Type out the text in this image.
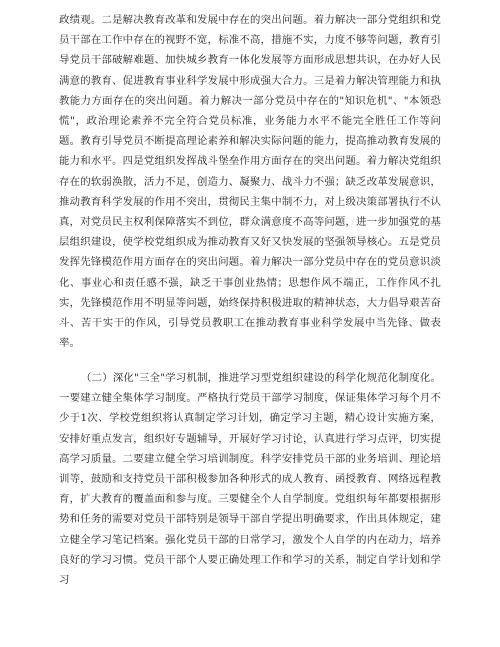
政绩观。二是解决教育改革和发展中存在的突出问题。着力解决一部分党组织和党员干部在工作中存在的视野不宽，标准不高，措施不实，力度不够等问题，教育引导党员干部破解难题、加快城乡教育一体化发展等方面形成思想共识，在办好人民满意的教育、促进教育事业科学发展中形成强大合力。三是着力解决管理能力和执教能力方面存在的突出问题。着力解决一部分党员中存在的"知识危机"、"本领恐慌"，政治理论素养不完全符合党员标准，业务能力水平不能完全胜任工作等问题。教育引导党员不断提高理论素养和解决实际问题的能力，提高推动教育发展的能力和水平。四是党组织发挥战斗堡垒作用方面存在的突出问题。着力解决党组织存在的软弱涣散，活力不足，创造力、凝聚力、战斗力不强；缺乏改革发展意识，推动教育科学发展的作用不突出，贯彻民主集中制不力，对上级决策部署执行不认真，对党员民主权利保障落实不到位，群众满意度不高等问题，进一步加强党的基层组织建设，使学校党组织成为推动教育又好又快发展的坚强领导核心。五是党员发挥先锋模范作用方面存在的突出问题。着力解决一部分党员中存在的党员意识淡化、事业心和责任感不强，缺乏干事创业热情；思想作风不端正，工作作风不扎实，先锋模范作用不明显等问题，始终保持积极进取的精神状态，大力倡导艰苦奋斗、苦干实干的作风，引导党员教职工在推动教育事业科学发展中当先锋、做表率。

（二）深化"三全"学习机制，推进学习型党组织建设的科学化规范化制度化。一要建立健全集体学习制度。严格执行党员干部学习制度，保证集体学习每个月不少于1次、学校党组织将认真制定学习计划，确定学习主题，精心设计实施方案，安排好重点发言，组织好专题辅导，开展好学习讨论，认真进行学习点评，切实提高学习质量。二要建立健全学习培训制度。科学安排党员干部的业务培训、理论培训等，鼓励和支持党员干部积极参加各种形式的成人教育、函授教育、网络远程教育，扩大教育的覆盖面和参与度。三要健全个人自学制度。党组织每年都要根据形势和任务的需要对党员干部特别是领导干部自学提出明确要求，作出具体规定，建立健全学习笔记档案。强化党员干部的日常学习，激发个人自学的内在动力，培养良好的学习习惯。党员干部个人要正确处理工作和学习的关系，制定自学计划和学习
